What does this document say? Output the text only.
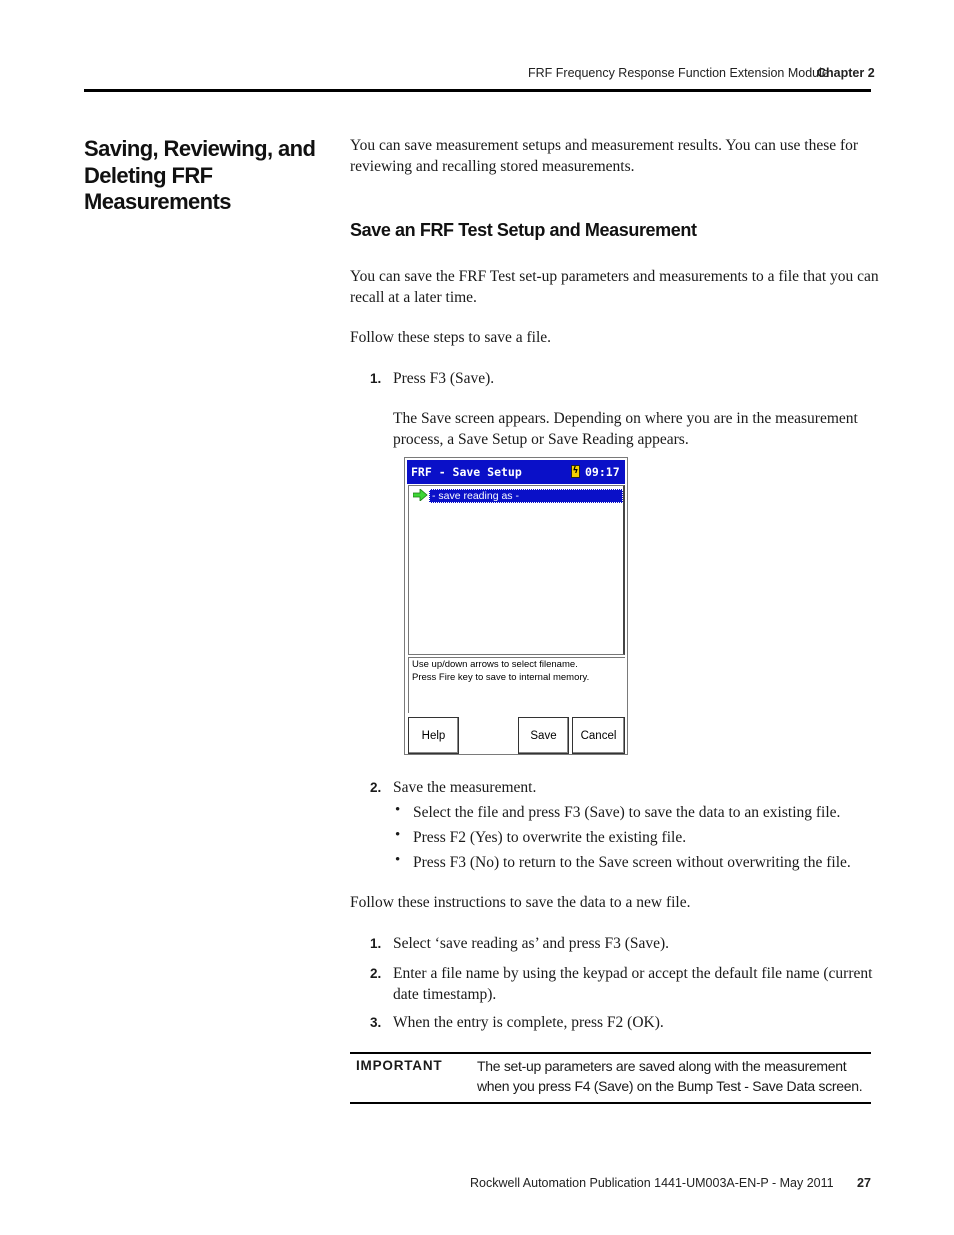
FRF Frequency Response Function Extension Module
Chapter 2
Saving, Reviewing, and Deleting FRF Measurements
You can save measurement setups and measurement results. You can use these for reviewing and recalling stored measurements.
Save an FRF Test Setup and Measurement
You can save the FRF Test set-up parameters and measurements to a file that you can recall at a later time.
Follow these steps to save a file.
1. Press F3 (Save).
The Save screen appears. Depending on where you are in the measurement process, a Save Setup or Save Reading appears.
FRF - Save Setup	ϟ 09:17
- save reading as -
Use up/down arrows to select filename.
Press Fire key to save to internal memory.
Help	Save	Cancel
2. Save the measurement.
• Select the file and press F3 (Save) to save the data to an existing file.
• Press F2 (Yes) to overwrite the existing file.
• Press F3 (No) to return to the Save screen without overwriting the file.
Follow these instructions to save the data to a new file.
1. Select ‘save reading as’ and press F3 (Save).
2. Enter a file name by using the keypad or accept the default file name (current date timestamp).
3. When the entry is complete, press F2 (OK).
IMPORTANT The set-up parameters are saved along with the measurement when you press F4 (Save) on the Bump Test - Save Data screen.
Rockwell Automation Publication 1441-UM003A-EN-P - May 2011 27
